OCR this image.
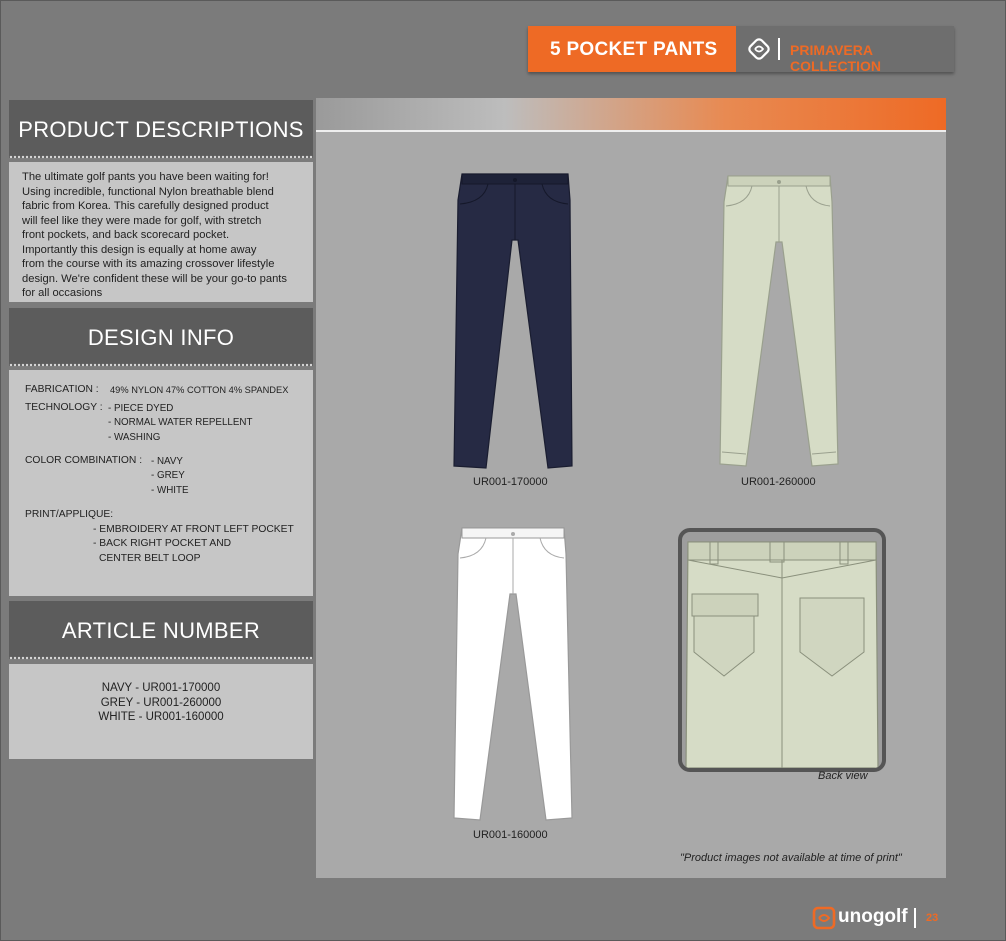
5 POCKET PANTS	PRIMAVERA COLLECTION
PRODUCT DESCRIPTIONS
The ultimate golf pants you have been waiting for!
Using incredible, functional Nylon breathable blend
fabric from Korea. This carefully designed product
will feel like they were made for golf, with stretch
front pockets, and back scorecard pocket.
Importantly this design is equally at home away
from the course with its amazing crossover lifestyle
design. We're confident these will be your go-to pants
for all occasions
DESIGN INFO
FABRICATION : 49% NYLON 47% COTTON 4% SPANDEX
TECHNOLOGY : - PIECE DYED
- NORMAL WATER REPELLENT
- WASHING
COLOR COMBINATION : - NAVY
- GREY
- WHITE
PRINT/APPLIQUE:
- EMBROIDERY AT FRONT LEFT POCKET
- BACK RIGHT POCKET AND
CENTER BELT LOOP
ARTICLE NUMBER
NAVY - UR001-170000
GREY - UR001-260000
WHITE - UR001-160000
UR001-170000	UR001-260000
UR001-160000
Back view
"Product images not available at time of print"
unogolf 23
